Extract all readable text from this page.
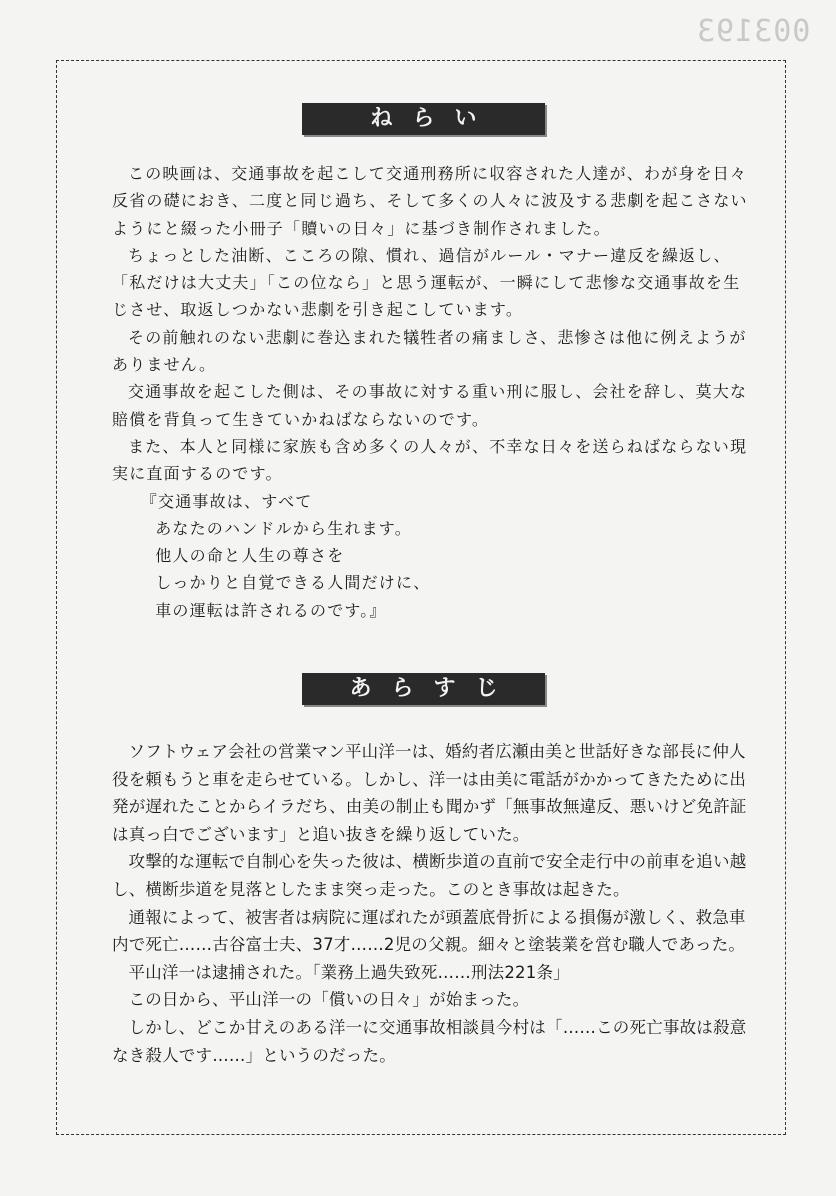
003193
ねらい

この映画は、交通事故を起こして交通刑務所に収容された人達が、わが身を日々反省の礎におき、二度と同じ過ち、そして多くの人々に波及する悲劇を起こさないようにと綴った小冊子「贖いの日々」に基づき制作されました。

ちょっとした油断、こころの隙、慣れ、過信がルール・マナー違反を繰返し、「私だけは大丈夫」「この位なら」と思う運転が、一瞬にして悲惨な交通事故を生じさせ、取返しつかない悲劇を引き起こしています。

その前触れのない悲劇に巻込まれた犠牲者の痛ましさ、悲惨さは他に例えようがありません。

交通事故を起こした側は、その事故に対する重い刑に服し、会社を辞し、莫大な賠償を背負って生きていかねばならないのです。

また、本人と同様に家族も含め多くの人々が、不幸な日々を送らねばならない現実に直面するのです。

『交通事故は、すべて
あなたのハンドルから生れます。
他人の命と人生の尊さを
しっかりと自覚できる人間だけに、
車の運転は許されるのです。』
あらすじ

ソフトウェア会社の営業マン平山洋一は、婚約者広瀬由美と世話好きな部長に仲人役を頼もうと車を走らせている。しかし、洋一は由美に電話がかかってきたために出発が遅れたことからイラだち、由美の制止も聞かず「無事故無違反、悪いけど免許証は真っ白でございます」と追い抜きを繰り返していた。

攻撃的な運転で自制心を失った彼は、横断歩道の直前で安全走行中の前車を追い越し、横断歩道を見落としたまま突っ走った。このとき事故は起きた。

通報によって、被害者は病院に運ばれたが頭蓋底骨折による損傷が激しく、救急車内で死亡……古谷富士夫、37才……2児の父親。細々と塗装業を営む職人であった。

平山洋一は逮捕された。「業務上過失致死……刑法221条」

この日から、平山洋一の「償いの日々」が始まった。

しかし、どこか甘えのある洋一に交通事故相談員今村は「……この死亡事故は殺意なき殺人です……」というのだった。
